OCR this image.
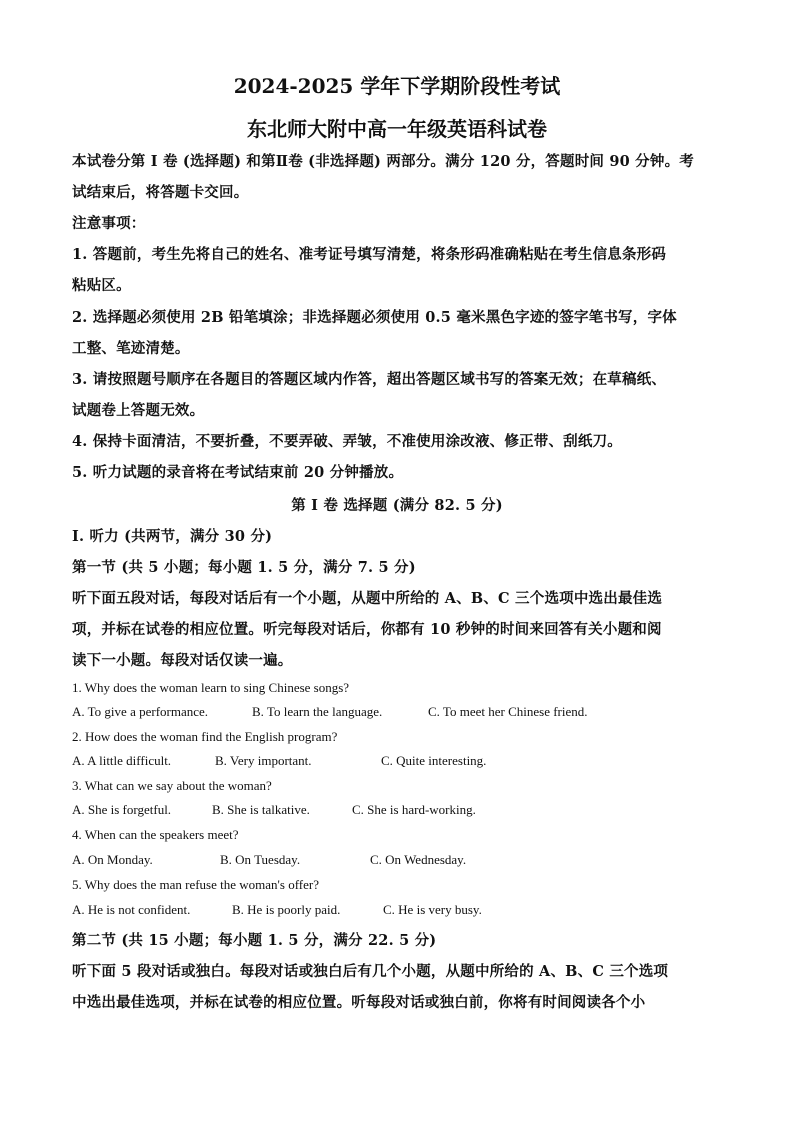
2024-2025 学年下学期阶段性考试
东北师大附中高一年级英语科试卷
本试卷分第 I 卷 (选择题) 和第Ⅱ卷 (非选择题) 两部分。满分 120 分，答题时间 90 分钟。考
试结束后，将答题卡交回。
注意事项：
1. 答题前，考生先将自己的姓名、准考证号填写清楚，将条形码准确粘贴在考生信息条形码
粘贴区。
2. 选择题必须使用 2B 铅笔填涂；非选择题必须使用 0.5 毫米黑色字迹的签字笔书写，字体
工整、笔迹清楚。
3. 请按照题号顺序在各题目的答题区域内作答，超出答题区域书写的答案无效；在草稿纸、
试题卷上答题无效。
4. 保持卡面清洁，不要折叠，不要弄破、弄皱，不准使用涂改液、修正带、刮纸刀。
5. 听力试题的录音将在考试结束前 20 分钟播放。
第 I 卷 选择题 (满分 82. 5 分)
I. 听力 (共两节，满分 30 分)
第一节 (共 5 小题；每小题 1. 5 分，满分 7. 5 分)
听下面五段对话，每段对话后有一个小题，从题中所给的 A、B、C 三个选项中选出最佳选
项，并标在试卷的相应位置。听完每段对话后，你都有 10 秒钟的时间来回答有关小题和阅
读下一小题。每段对话仅读一遍。
1. Why does the woman learn to sing Chinese songs?
A. To give a performance.	B. To learn the language.	C. To meet her Chinese friend.
2. How does the woman find the English program?
A. A little difficult.	B. Very important.	C. Quite interesting.
3. What can we say about the woman?
A. She is forgetful.	B. She is talkative.	C. She is hard-working.
4. When can the speakers meet?
A. On Monday.	B. On Tuesday.	C. On Wednesday.
5. Why does the man refuse the woman's offer?
A. He is not confident.	B. He is poorly paid.	C. He is very busy.
第二节 (共 15 小题；每小题 1. 5 分，满分 22. 5 分)
听下面 5 段对话或独白。每段对话或独白后有几个小题，从题中所给的 A、B、C 三个选项
中选出最佳选项，并标在试卷的相应位置。听每段对话或独白前，你将有时间阅读各个小
